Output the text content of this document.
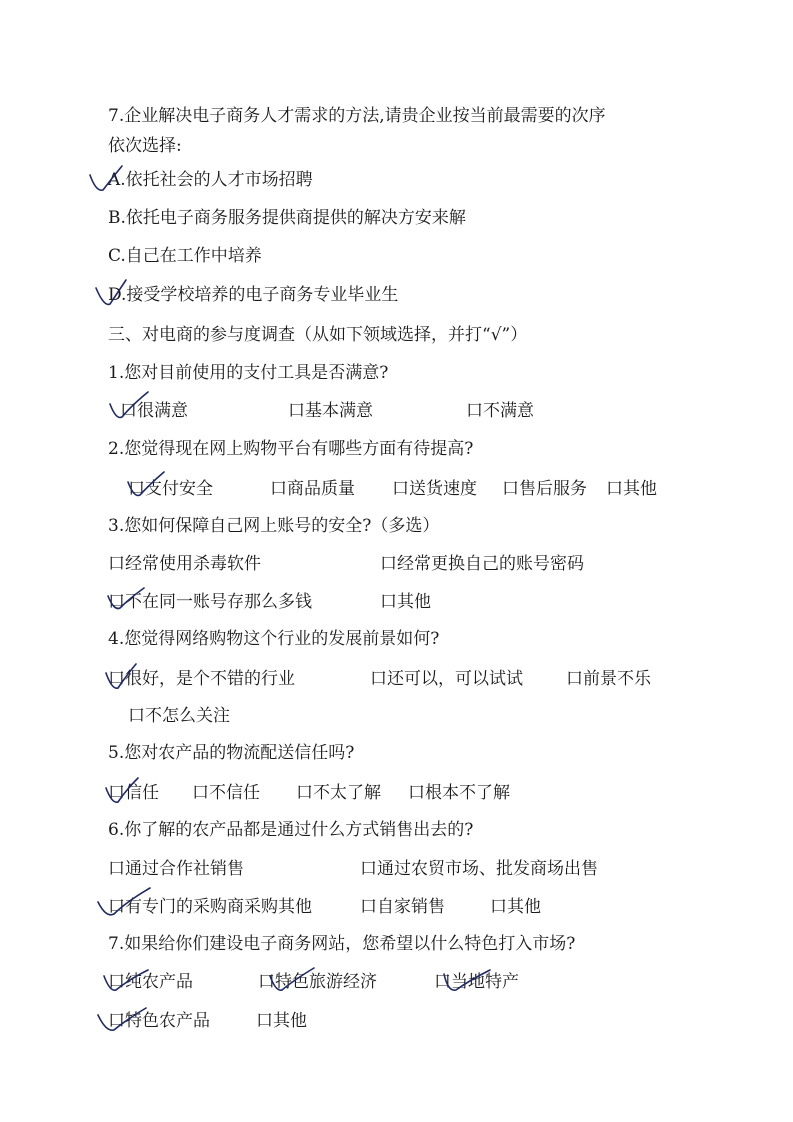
7.企业解决电子商务人才需求的方法,请贵企业按当前最需要的次序
依次选择:
A.依托社会的人才市场招聘
B.依托电子商务服务提供商提供的解决方安来解
C.自己在工作中培养
D.接受学校培养的电子商务专业毕业生
三、对电商的参与度调查（从如下领域选择，并打“√”）
1.您对目前使用的支付工具是否满意?
口很满意	口基本满意	口不满意
2.您觉得现在网上购物平台有哪些方面有待提高?
口支付安全	口商品质量 口送货速度 口售后服务 口其他
3.您如何保障自己网上账号的安全?（多选）
口经常使用杀毒软件	口经常更换自己的账号密码
口不在同一账号存那么多钱	口其他
4.您觉得网络购物这个行业的发展前景如何?
口很好，是个不错的行业	口还可以，可以试试	口前景不乐
口不怎么关注
5.您对农产品的物流配送信任吗?
口信任 口不信任 口不太了解 口根本不了解
6.你了解的农产品都是通过什么方式销售出去的?
口通过合作社销售	口通过农贸市场、批发商场出售
口有专门的采购商采购其他	口自家销售	口其他
7.如果给你们建设电子商务网站，您希望以什么特色打入市场?
口纯农产品	口特色旅游经济	口当地特产
口特色农产品	口其他
